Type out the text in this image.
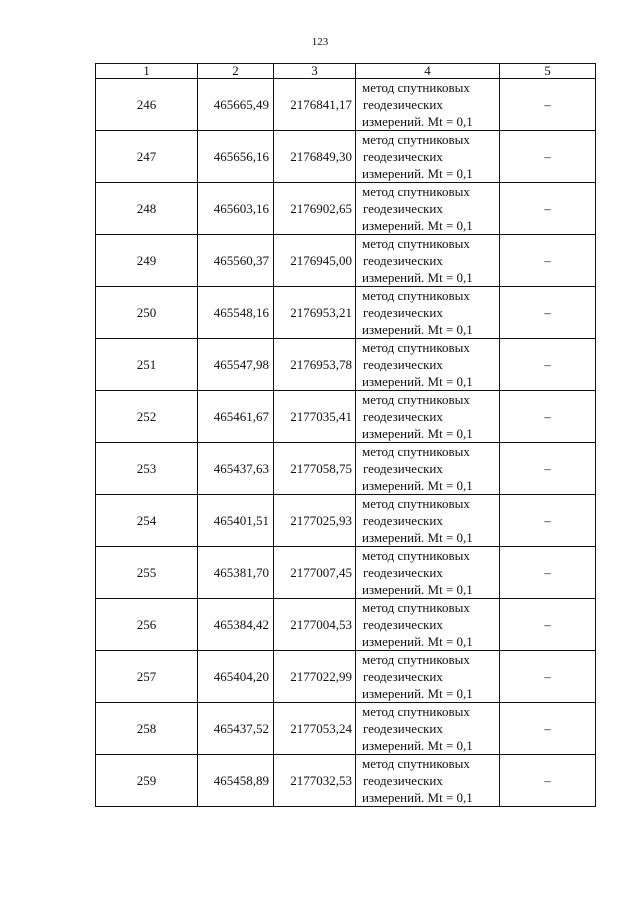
123
1	2	3	4	5
246	465665,49	2176841,17	метод спутниковых
геодезических
измерений. Mt = 0,1	–
247	465656,16	2176849,30	метод спутниковых
геодезических
измерений. Mt = 0,1	–
248	465603,16	2176902,65	метод спутниковых
геодезических
измерений. Mt = 0,1	–
249	465560,37	2176945,00	метод спутниковых
геодезических
измерений. Mt = 0,1	–
250	465548,16	2176953,21	метод спутниковых
геодезических
измерений. Mt = 0,1	–
251	465547,98	2176953,78	метод спутниковых
геодезических
измерений. Mt = 0,1	–
252	465461,67	2177035,41	метод спутниковых
геодезических
измерений. Mt = 0,1	–
253	465437,63	2177058,75	метод спутниковых
геодезических
измерений. Mt = 0,1	–
254	465401,51	2177025,93	метод спутниковых
геодезических
измерений. Mt = 0,1	–
255	465381,70	2177007,45	метод спутниковых
геодезических
измерений. Mt = 0,1	–
256	465384,42	2177004,53	метод спутниковых
геодезических
измерений. Mt = 0,1	–
257	465404,20	2177022,99	метод спутниковых
геодезических
измерений. Mt = 0,1	–
258	465437,52	2177053,24	метод спутниковых
геодезических
измерений. Mt = 0,1	–
259	465458,89	2177032,53	метод спутниковых
геодезических
измерений. Mt = 0,1	–
